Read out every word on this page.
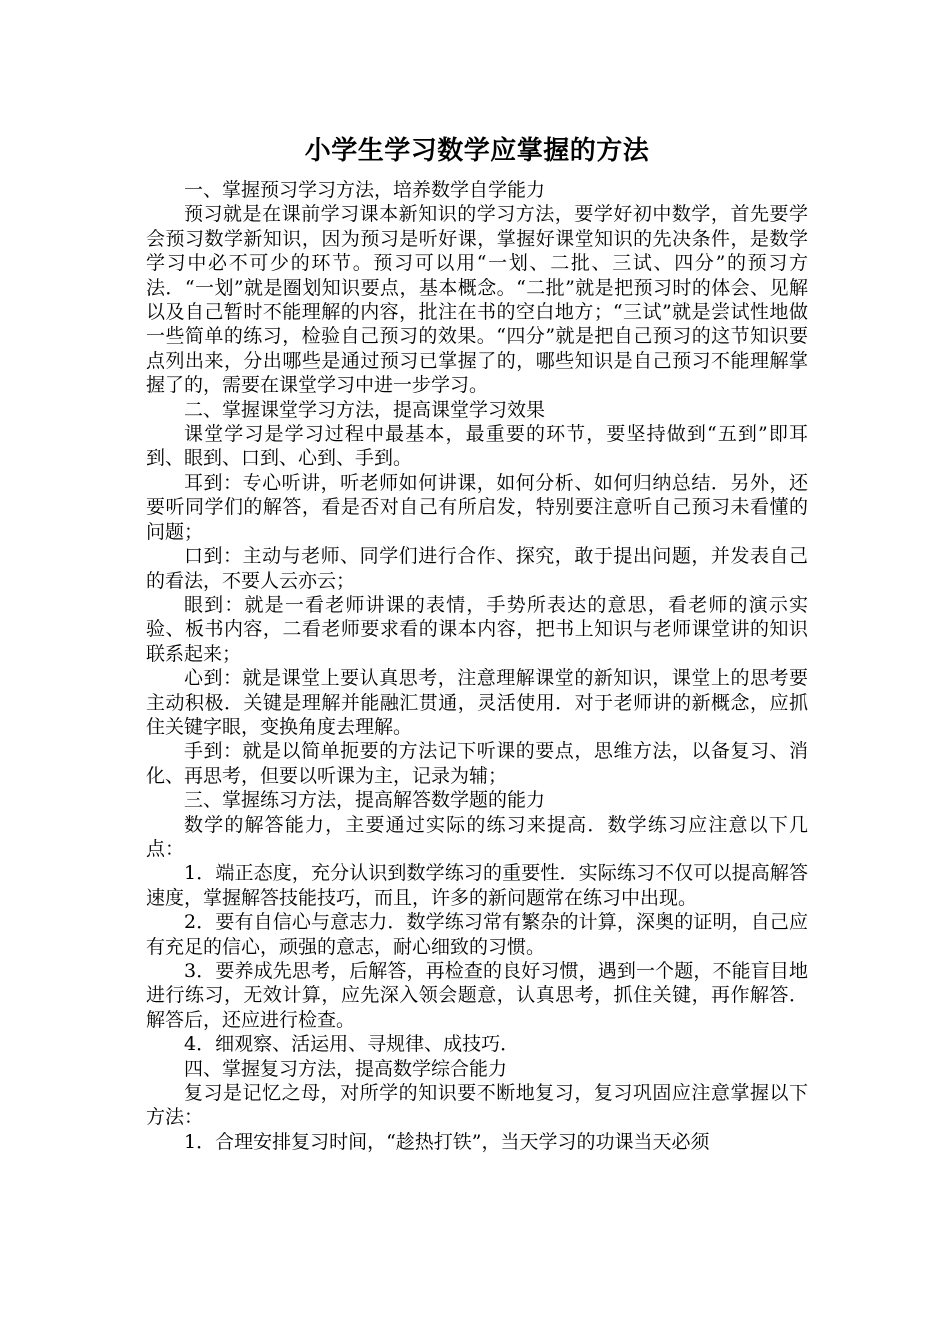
小学生学习数学应掌握的方法

一、掌握预习学习方法，培养数学自学能力

预习就是在课前学习课本新知识的学习方法，要学好初中数学，首先要学会预习数学新知识，因为预习是听好课，掌握好课堂知识的先决条件，是数学学习中必不可少的环节。预习可以用“一划、二批、三试、四分”的预习方法．“一划”就是圈划知识要点，基本概念。“二批”就是把预习时的体会、见解以及自己暂时不能理解的内容，批注在书的空白地方；“三试”就是尝试性地做一些简单的练习，检验自己预习的效果。“四分”就是把自己预习的这节知识要点列出来，分出哪些是通过预习已掌握了的，哪些知识是自己预习不能理解掌握了的，需要在课堂学习中进一步学习。

二、掌握课堂学习方法，提高课堂学习效果

课堂学习是学习过程中最基本，最重要的环节，要坚持做到“五到”即耳到、眼到、口到、心到、手到。

耳到：专心听讲，听老师如何讲课，如何分析、如何归纳总结．另外，还要听同学们的解答，看是否对自己有所启发，特别要注意听自己预习未看懂的问题；

口到：主动与老师、同学们进行合作、探究，敢于提出问题，并发表自己的看法，不要人云亦云；

眼到：就是一看老师讲课的表情，手势所表达的意思，看老师的演示实验、板书内容，二看老师要求看的课本内容，把书上知识与老师课堂讲的知识联系起来；

心到：就是课堂上要认真思考，注意理解课堂的新知识，课堂上的思考要主动积极．关键是理解并能融汇贯通，灵活使用．对于老师讲的新概念，应抓住关键字眼，变换角度去理解。

手到：就是以简单扼要的方法记下听课的要点，思维方法，以备复习、消化、再思考，但要以听课为主，记录为辅；

三、掌握练习方法，提高解答数学题的能力

数学的解答能力，主要通过实际的练习来提高．数学练习应注意以下几点：

1．端正态度，充分认识到数学练习的重要性．实际练习不仅可以提高解答速度，掌握解答技能技巧，而且，许多的新问题常在练习中出现。

2．要有自信心与意志力．数学练习常有繁杂的计算，深奥的证明，自己应有充足的信心，顽强的意志，耐心细致的习惯。

3．要养成先思考，后解答，再检查的良好习惯，遇到一个题，不能盲目地进行练习，无效计算，应先深入领会题意，认真思考，抓住关键，再作解答．解答后，还应进行检查。

4．细观察、活运用、寻规律、成技巧．

四、掌握复习方法，提高数学综合能力

复习是记忆之母，对所学的知识要不断地复习，复习巩固应注意掌握以下方法：

1．合理安排复习时间，“趁热打铁”，当天学习的功课当天必须
